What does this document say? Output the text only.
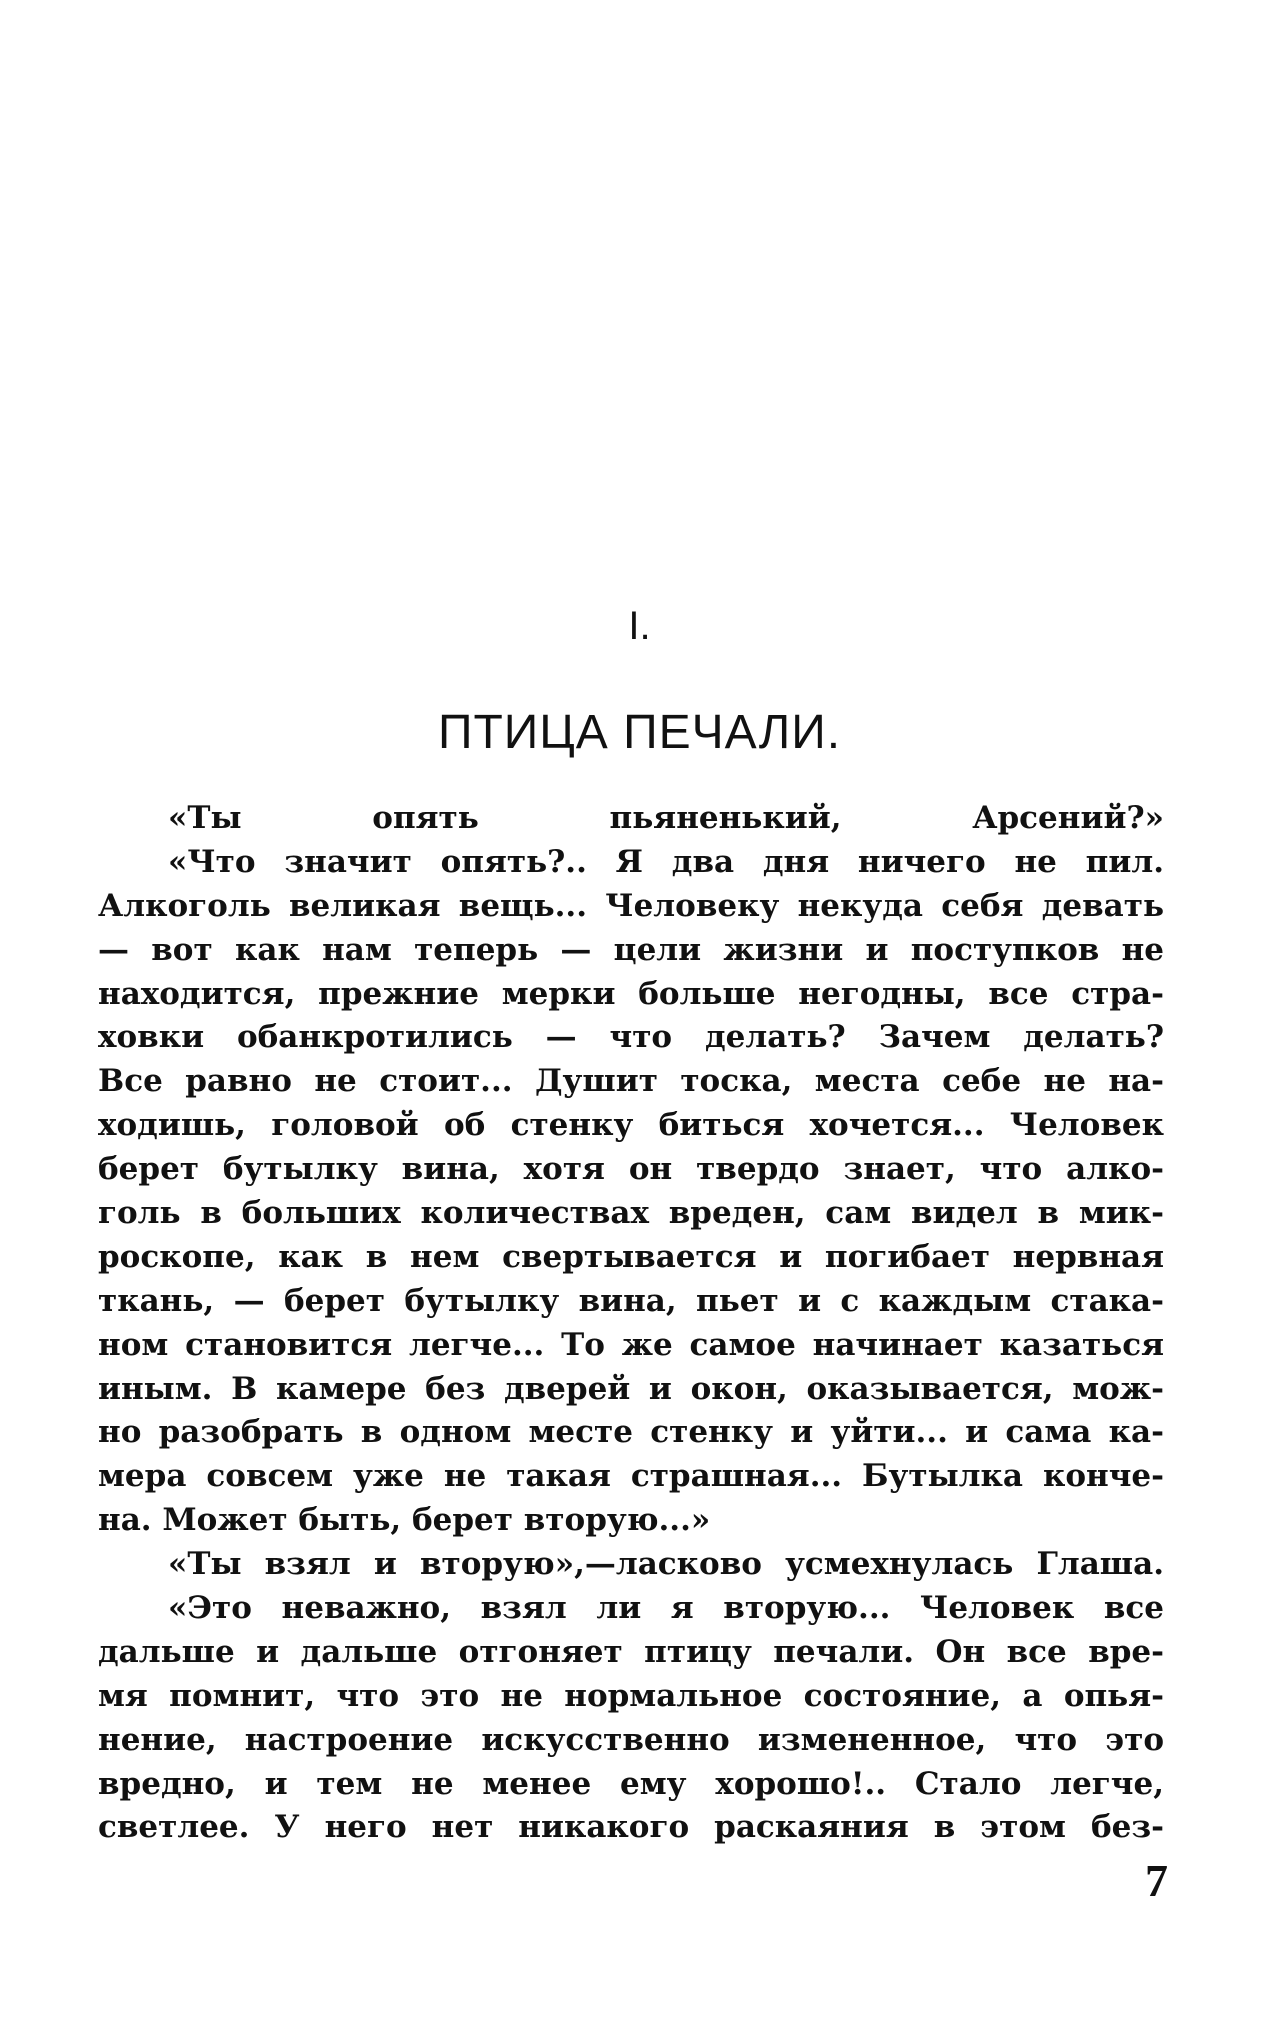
I.
ПТИЦА ПЕЧАЛИ.
«Ты опять пьяненький, Арсений?»
«Что значит опять?.. Я два дня ничего не пил.
Алкоголь великая вещь... Человеку некуда себя девать
— вот как нам теперь — цели жизни и поступков не
находится, прежние мерки больше негодны, все стра-
ховки обанкротились — что делать? Зачем делать?
Все равно не стоит... Душит тоска, места себе не на-
ходишь, головой об стенку биться хочется... Человек
берет бутылку вина, хотя он твердо знает, что алко-
голь в больших количествах вреден, сам видел в мик-
роскопе, как в нем свертывается и погибает нервная
ткань, — берет бутылку вина, пьет и с каждым стака-
ном становится легче... То же самое начинает казаться
иным. В камере без дверей и окон, оказывается, мож-
но разобрать в одном месте стенку и уйти... и сама ка-
мера совсем уже не такая страшная... Бутылка конче-
на. Может быть, берет вторую...»
«Ты взял и вторую»,—ласково усмехнулась Глаша.
«Это неважно, взял ли я вторую... Человек все
дальше и дальше отгоняет птицу печали. Он все вре-
мя помнит, что это не нормальное состояние, а опья-
нение, настроение искусственно измененное, что это
вредно, и тем не менее ему хорошо!.. Стало легче,
светлее. У него нет никакого раскаяния в этом без-
7
